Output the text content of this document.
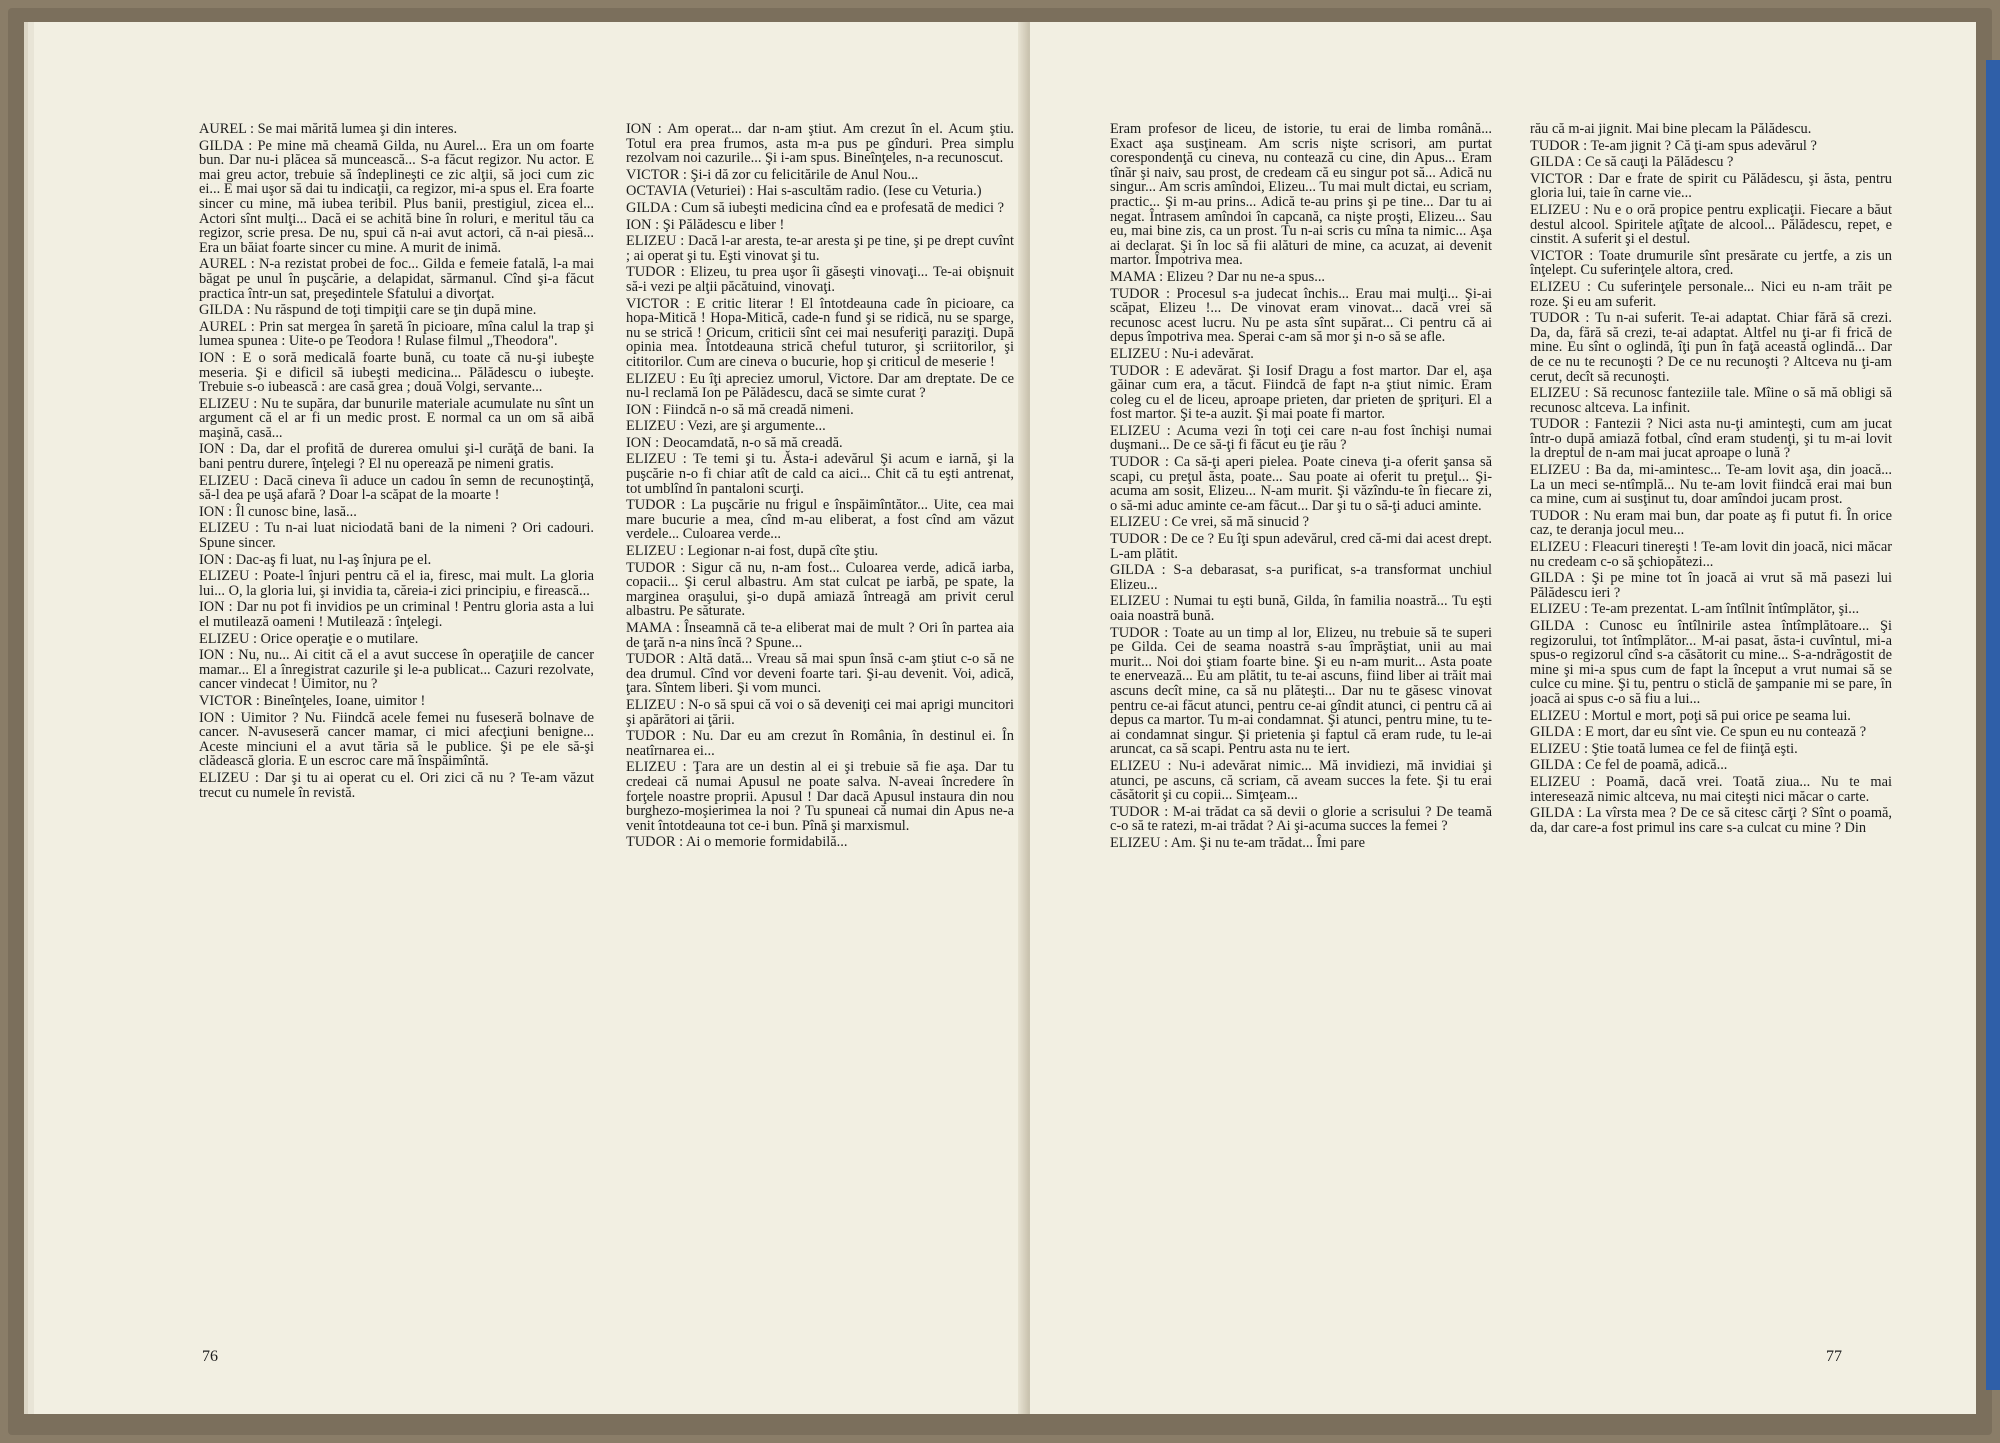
AUREL : Se mai mărită lumea şi din interes.

GILDA : Pe mine mă cheamă Gilda, nu Aurel... Era un om foarte bun. Dar nu-i plăcea să muncească... S-a făcut regizor. Nu actor. E mai greu actor, trebuie să îndeplineşti ce zic alţii, să joci cum zic ei... E mai uşor să dai tu indicaţii, ca regizor, mi-a spus el. Era foarte sincer cu mine, mă iubea teribil. Plus banii, prestigiul, zicea el... Actori sînt mulţi... Dacă ei se achită bine în roluri, e meritul tău ca regizor, scrie presa. De nu, spui că n-ai avut actori, că n-ai piesă... Era un băiat foarte sincer cu mine. A murit de inimă.

AUREL : N-a rezistat probei de foc... Gilda e femeie fatală, l-a mai băgat pe unul în puşcărie, a delapidat, sărmanul. Cînd şi-a făcut practica într-un sat, preşedintele Sfatului a divorţat.

GILDA : Nu răspund de toţi timpiţii care se ţin după mine.

AUREL : Prin sat mergea în şaretă în picioare, mîna calul la trap şi lumea spunea : Uite-o pe Teodora ! Rulase filmul „Theodora".

ION : E o soră medicală foarte bună, cu toate că nu-şi iubeşte meseria. Şi e dificil să iubeşti medicina... Pălădescu o iubeşte. Trebuie s-o iubească : are casă grea ; două Volgi, servante...

ELIZEU : Nu te supăra, dar bunurile materiale acumulate nu sînt un argument că el ar fi un medic prost. E normal ca un om să aibă maşină, casă...

ION : Da, dar el profită de durerea omului şi-l curăţă de bani. Ia bani pentru durere, înţelegi ? El nu operează pe nimeni gratis.

ELIZEU : Dacă cineva îi aduce un cadou în semn de recunoştinţă, să-l dea pe uşă afară ? Doar l-a scăpat de la moarte !

ION : Îl cunosc bine, lasă...

ELIZEU : Tu n-ai luat niciodată bani de la nimeni ? Ori cadouri. Spune sincer.

ION : Dac-aş fi luat, nu l-aş înjura pe el.

ELIZEU : Poate-l înjuri pentru că el ia, firesc, mai mult. La gloria lui... O, la gloria lui, şi invidia ta, căreia-i zici principiu, e firească...

ION : Dar nu pot fi invidios pe un criminal ! Pentru gloria asta a lui el mutilează oameni ! Mutilează : înţelegi.

ELIZEU : Orice operaţie e o mutilare.

ION : Nu, nu... Ai citit că el a avut succese în operaţiile de cancer mamar... El a înregistrat cazurile şi le-a publicat... Cazuri rezolvate, cancer vindecat ! Uimitor, nu ?

VICTOR : Bineînţeles, Ioane, uimitor !

ION : Uimitor ? Nu. Fiindcă acele femei nu fuseseră bolnave de cancer. N-avuseseră cancer mamar, ci mici afecţiuni benigne... Aceste minciuni el a avut tăria să le publice. Şi pe ele să-şi clădească gloria. E un escroc care mă înspăimîntă.

ELIZEU : Dar şi tu ai operat cu el. Ori zici că nu ? Te-am văzut trecut cu numele în revistă.

ION : Am operat... dar n-am ştiut. Am crezut în el. Acum ştiu. Totul era prea frumos, asta m-a pus pe gînduri. Prea simplu rezolvam noi cazurile... Şi i-am spus. Bineînţeles, n-a recunoscut.

VICTOR : Şi-i dă zor cu felicitările de Anul Nou...

OCTAVIA (Veturiei) : Hai s-ascultăm radio. (Iese cu Veturia.)

GILDA : Cum să iubeşti medicina cînd ea e profesată de medici ?

ION : Şi Pălădescu e liber !

ELIZEU : Dacă l-ar aresta, te-ar aresta şi pe tine, şi pe drept cuvînt ; ai operat şi tu. Eşti vinovat şi tu.

TUDOR : Elizeu, tu prea uşor îi găseşti vinovaţi... Te-ai obişnuit să-i vezi pe alţii păcătuind, vinovaţi.

VICTOR : E critic literar ! El întotdeauna cade în picioare, ca hopa-Mitică ! Hopa-Mitică, cade-n fund şi se ridică, nu se sparge, nu se strică ! Oricum, criticii sînt cei mai nesuferiţi paraziţi. După opinia mea. Întotdeauna strică cheful tuturor, şi scriitorilor, şi cititorilor. Cum are cineva o bucurie, hop şi criticul de meserie !

ELIZEU : Eu îţi apreciez umorul, Victore. Dar am dreptate. De ce nu-l reclamă Ion pe Pălădescu, dacă se simte curat ?

ION : Fiindcă n-o să mă creadă nimeni.

ELIZEU : Vezi, are şi argumente...

ION : Deocamdată, n-o să mă creadă.

ELIZEU : Te temi şi tu. Ăsta-i adevărul Şi acum e iarnă, şi la puşcărie n-o fi chiar atît de cald ca aici... Chit că tu eşti antrenat, tot umblînd în pantaloni scurţi.

TUDOR : La puşcărie nu frigul e înspăimîntător... Uite, cea mai mare bucurie a mea, cînd m-au eliberat, a fost cînd am văzut verdele... Culoarea verde...

ELIZEU : Legionar n-ai fost, după cîte ştiu.

TUDOR : Sigur că nu, n-am fost... Culoarea verde, adică iarba, copacii... Şi cerul albastru. Am stat culcat pe iarbă, pe spate, la marginea oraşului, şi-o după amiază întreagă am privit cerul albastru. Pe săturate.

MAMA : Înseamnă că te-a eliberat mai de mult ? Ori în partea aia de ţară n-a nins încă ? Spune...

TUDOR : Altă dată... Vreau să mai spun însă c-am ştiut c-o să ne dea drumul. Cînd vor deveni foarte tari. Şi-au devenit. Voi, adică, ţara. Sîntem liberi. Şi vom munci.

ELIZEU : N-o să spui că voi o să deveniţi cei mai aprigi muncitori şi apărători ai ţării.

TUDOR : Nu. Dar eu am crezut în România, în destinul ei. În neatîrnarea ei...

ELIZEU : Ţara are un destin al ei şi trebuie să fie aşa. Dar tu credeai că numai Apusul ne poate salva. N-aveai încredere în forţele noastre proprii. Apusul ! Dar dacă Apusul instaura din nou burghezo-moşierimea la noi ? Tu spuneai că numai din Apus ne-a venit întotdeauna tot ce-i bun. Pînă şi marxismul.

TUDOR : Ai o memorie formidabilă...

76

Eram profesor de liceu, de istorie, tu erai de limba română... Exact aşa susţineam. Am scris nişte scrisori, am purtat corespondenţă cu cineva, nu contează cu cine, din Apus... Eram tînăr şi naiv, sau prost, de credeam că eu singur pot să... Adică nu singur... Am scris amîndoi, Elizeu... Tu mai mult dictai, eu scriam, practic... Şi m-au prins... Adică te-au prins şi pe tine... Dar tu ai negat. Întrasem amîndoi în capcană, ca nişte proşti, Elizeu... Sau eu, mai bine zis, ca un prost. Tu n-ai scris cu mîna ta nimic... Aşa ai declarat. Şi în loc să fii alături de mine, ca acuzat, ai devenit martor. Împotriva mea.

MAMA : Elizeu ? Dar nu ne-a spus...

TUDOR : Procesul s-a judecat închis... Erau mai mulţi... Şi-ai scăpat, Elizeu !... De vinovat eram vinovat... dacă vrei să recunosc acest lucru. Nu pe asta sînt supărat... Ci pentru că ai depus împotriva mea. Sperai c-am să mor şi n-o să se afle.

ELIZEU : Nu-i adevărat.

TUDOR : E adevărat. Şi Iosif Dragu a fost martor. Dar el, aşa găinar cum era, a tăcut. Fiindcă de fapt n-a ştiut nimic. Eram coleg cu el de liceu, aproape prieten, dar prieten de şpriţuri. El a fost martor. Şi te-a auzit. Şi mai poate fi martor.

ELIZEU : Acuma vezi în toţi cei care n-au fost închişi numai duşmani... De ce să-ţi fi făcut eu ţie rău ?

TUDOR : Ca să-ţi aperi pielea. Poate cineva ţi-a oferit şansa să scapi, cu preţul ăsta, poate... Sau poate ai oferit tu preţul... Şi-acuma am sosit, Elizeu... N-am murit. Şi văzîndu-te în fiecare zi, o să-mi aduc aminte ce-am făcut... Dar şi tu o să-ţi aduci aminte.

ELIZEU : Ce vrei, să mă sinucid ?

TUDOR : De ce ? Eu îţi spun adevărul, cred că-mi dai acest drept. L-am plătit.

GILDA : S-a debarasat, s-a purificat, s-a transformat unchiul Elizeu...

ELIZEU : Numai tu eşti bună, Gilda, în familia noastră... Tu eşti oaia noastră bună.

TUDOR : Toate au un timp al lor, Elizeu, nu trebuie să te superi pe Gilda. Cei de seama noastră s-au împrăştiat, unii au mai murit... Noi doi ştiam foarte bine. Şi eu n-am murit... Asta poate te enervează... Eu am plătit, tu te-ai ascuns, fiind liber ai trăit mai ascuns decît mine, ca să nu plăteşti... Dar nu te găsesc vinovat pentru ce-ai făcut atunci, pentru ce-ai gîndit atunci, ci pentru că ai depus ca martor. Tu m-ai condamnat. Şi atunci, pentru mine, tu te-ai condamnat singur. Şi prietenia şi faptul că eram rude, tu le-ai aruncat, ca să scapi. Pentru asta nu te iert.

ELIZEU : Nu-i adevărat nimic... Mă invidiezi, mă invidiai şi atunci, pe ascuns, că scriam, că aveam succes la fete. Şi tu erai căsătorit şi cu copii... Simţeam...

TUDOR : M-ai trădat ca să devii o glorie a scrisului ? De teamă c-o să te ratezi, m-ai trădat ? Ai şi-acuma succes la femei ?

ELIZEU : Am. Şi nu te-am trădat... Îmi pare

rău că m-ai jignit. Mai bine plecam la Pălădescu.

TUDOR : Te-am jignit ? Că ţi-am spus adevărul ?

GILDA : Ce să cauţi la Pălădescu ?

VICTOR : Dar e frate de spirit cu Pălădescu, şi ăsta, pentru gloria lui, taie în carne vie...

ELIZEU : Nu e o oră propice pentru explicaţii. Fiecare a băut destul alcool. Spiritele aţîţate de alcool... Pălădescu, repet, e cinstit. A suferit şi el destul.

VICTOR : Toate drumurile sînt presărate cu jertfe, a zis un înţelept. Cu suferinţele altora, cred.

ELIZEU : Cu suferinţele personale... Nici eu n-am trăit pe roze. Şi eu am suferit.

TUDOR : Tu n-ai suferit. Te-ai adaptat. Chiar fără să crezi. Da, da, fără să crezi, te-ai adaptat. Altfel nu ţi-ar fi frică de mine. Eu sînt o oglindă, îţi pun în faţă această oglindă... Dar de ce nu te recunoşti ? De ce nu recunoşti ? Altceva nu ţi-am cerut, decît să recunoşti.

ELIZEU : Să recunosc fanteziile tale. Mîine o să mă obligi să recunosc altceva. La infinit.

TUDOR : Fantezii ? Nici asta nu-ţi aminteşti, cum am jucat într-o după amiază fotbal, cînd eram studenţi, şi tu m-ai lovit la dreptul de n-am mai jucat aproape o lună ?

ELIZEU : Ba da, mi-amintesc... Te-am lovit aşa, din joacă... La un meci se-ntîmplă... Nu te-am lovit fiindcă erai mai bun ca mine, cum ai susţinut tu, doar amîndoi jucam prost.

TUDOR : Nu eram mai bun, dar poate aş fi putut fi. În orice caz, te deranja jocul meu...

ELIZEU : Fleacuri tinereşti ! Te-am lovit din joacă, nici măcar nu credeam c-o să şchiopătezi...

GILDA : Şi pe mine tot în joacă ai vrut să mă pasezi lui Pălădescu ieri ?

ELIZEU : Te-am prezentat. L-am întîlnit întîmplător, şi...

GILDA : Cunosc eu întîlnirile astea întîmplătoare... Şi regizorului, tot întîmplător... M-ai pasat, ăsta-i cuvîntul, mi-a spus-o regizorul cînd s-a căsătorit cu mine... S-a-ndrăgostit de mine şi mi-a spus cum de fapt la început a vrut numai să se culce cu mine. Şi tu, pentru o sticlă de şampanie mi se pare, în joacă ai spus c-o să fiu a lui...

ELIZEU : Mortul e mort, poţi să pui orice pe seama lui.

GILDA : E mort, dar eu sînt vie. Ce spun eu nu contează ?

ELIZEU : Ştie toată lumea ce fel de fiinţă eşti.

GILDA : Ce fel de poamă, adică...

ELIZEU : Poamă, dacă vrei. Toată ziua... Nu te mai interesează nimic altceva, nu mai citeşti nici măcar o carte.

GILDA : La vîrsta mea ? De ce să citesc cărţi ? Sînt o poamă, da, dar care-a fost primul ins care s-a culcat cu mine ? Din

77
